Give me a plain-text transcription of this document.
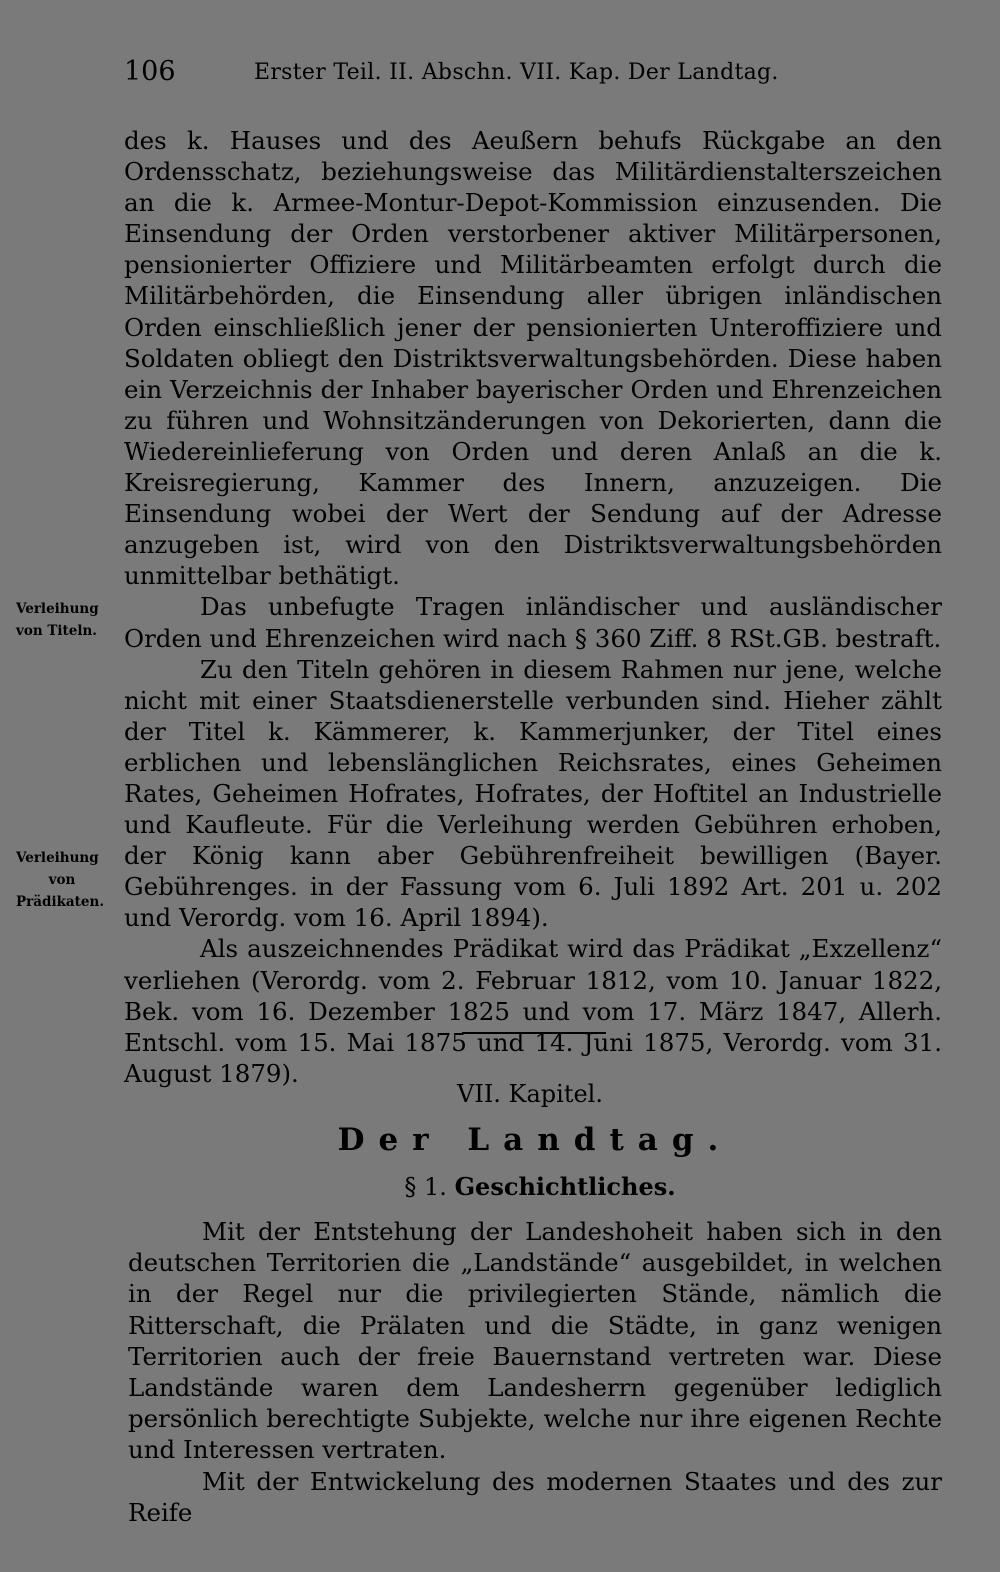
106	Erster Teil. II. Abschn. VII. Kap. Der Landtag.

des k. Hauses und des Aeußern behufs Rückgabe an den Ordensschatz, beziehungsweise das Militärdienstalterszeichen an die k. Armee-Montur-Depot-Kommission einzusenden. Die Einsendung der Orden verstorbener aktiver Militärpersonen, pensionierter Offiziere und Militärbeamten erfolgt durch die Militärbehörden, die Einsendung aller übrigen inländischen Orden einschließlich jener der pensionierten Unteroffiziere und Soldaten obliegt den Distriktsverwaltungsbehörden. Diese haben ein Verzeichnis der Inhaber bayerischer Orden und Ehrenzeichen zu führen und Wohnsitzänderungen von Dekorierten, dann die Wiedereinlieferung von Orden und deren Anlaß an die k. Kreisregierung, Kammer des Innern, anzuzeigen. Die Einsendung wobei der Wert der Sendung auf der Adresse anzugeben ist, wird von den Distriktsverwaltungsbehörden unmittelbar bethätigt.

Das unbefugte Tragen inländischer und ausländischer Orden und Ehrenzeichen wird nach § 360 Ziff. 8 RSt.GB. bestraft.

Zu den Titeln gehören in diesem Rahmen nur jene, welche nicht mit einer Staatsdienerstelle verbunden sind. Hieher zählt der Titel k. Kämmerer, k. Kammerjunker, der Titel eines erblichen und lebenslänglichen Reichsrates, eines Geheimen Rates, Geheimen Hofrates, Hofrates, der Hoftitel an Industrielle und Kaufleute. Für die Verleihung werden Gebühren erhoben, der König kann aber Gebührenfreiheit bewilligen (Bayer. Gebührenges. in der Fassung vom 6. Juli 1892 Art. 201 u. 202 und Verordg. vom 16. April 1894).

Als auszeichnendes Prädikat wird das Prädikat „Exzellenz“ verliehen (Verordg. vom 2. Februar 1812, vom 10. Januar 1822, Bek. vom 16. Dezember 1825 und vom 17. März 1847, Allerh. Entschl. vom 15. Mai 1875 und 14. Juni 1875, Verordg. vom 31. August 1879).

Verleihung
von Titeln.
Verleihung

von
Prädikaten.
VII. Kapitel.
Der Landtag.
§ 1. Geschichtliches.

Mit der Entstehung der Landeshoheit haben sich in den deutschen Territorien die „Landstände“ ausgebildet, in welchen in der Regel nur die privilegierten Stände, nämlich die Ritterschaft, die Prälaten und die Städte, in ganz wenigen Territorien auch der freie Bauernstand vertreten war. Diese Landstände waren dem Landesherrn gegenüber lediglich persönlich berechtigte Subjekte, welche nur ihre eigenen Rechte und Interessen vertraten.

Mit der Entwickelung des modernen Staates und des zur Reife
